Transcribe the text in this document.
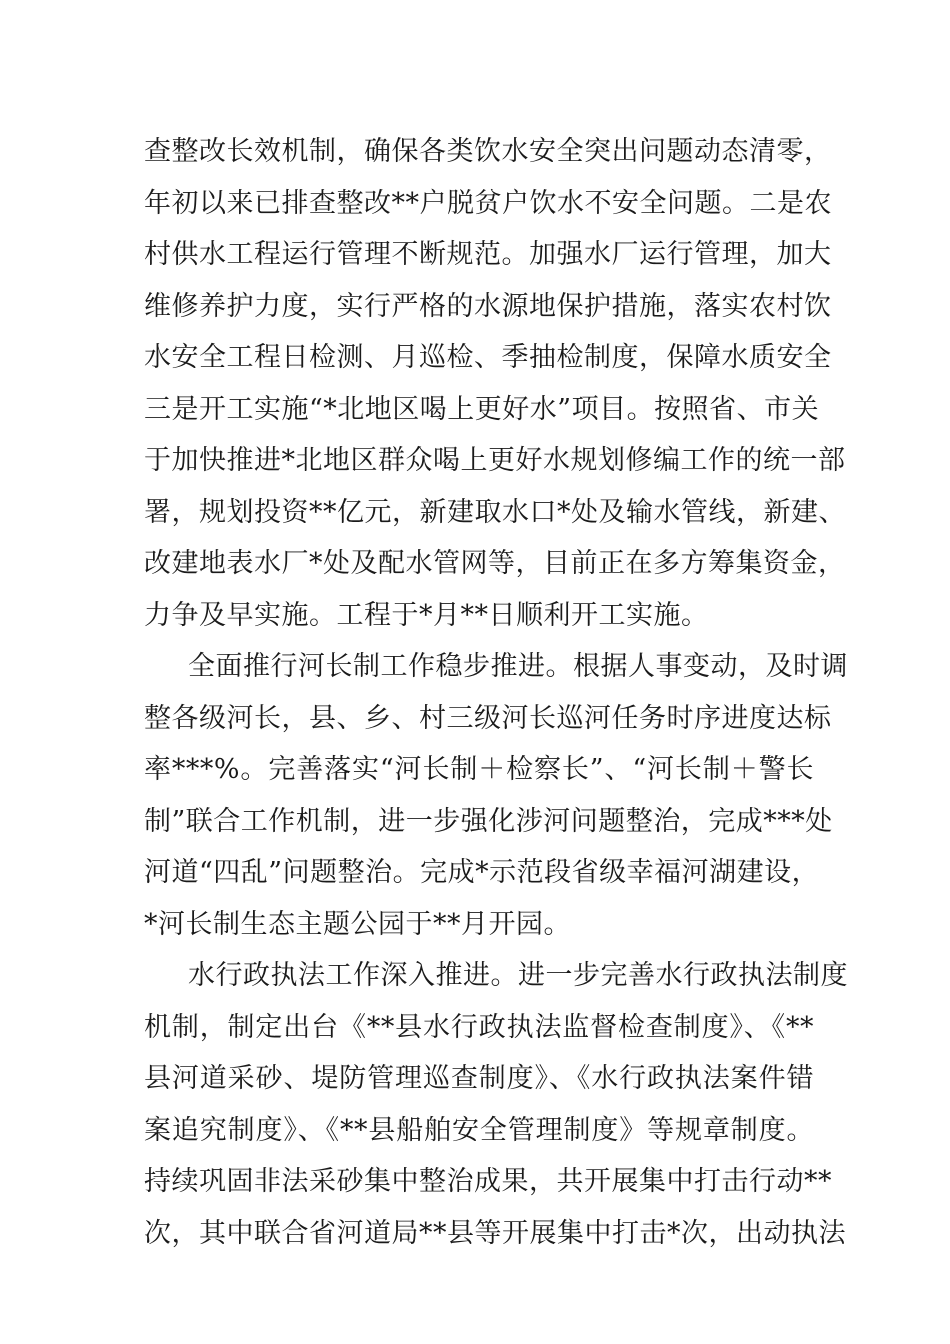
查整改长效机制，确保各类饮水安全突出问题动态清零，
年初以来已排查整改**户脱贫户饮水不安全问题。二是农
村供水工程运行管理不断规范。加强水厂运行管理，加大
维修养护力度，实行严格的水源地保护措施，落实农村饮
水安全工程日检测、月巡检、季抽检制度，保障水质安全
三是开工实施“*北地区喝上更好水”项目。按照省、市关
于加快推进*北地区群众喝上更好水规划修编工作的统一部
署，规划投资**亿元，新建取水口*处及输水管线，新建、
改建地表水厂*处及配水管网等，目前正在多方筹集资金，
力争及早实施。工程于*月**日顺利开工实施。
全面推行河长制工作稳步推进。根据人事变动，及时调
整各级河长，县、乡、村三级河长巡河任务时序进度达标
率***%。完善落实“河长制＋检察长”、“河长制＋警长
制”联合工作机制，进一步强化涉河问题整治，完成***处
河道“四乱”问题整治。完成*示范段省级幸福河湖建设，
*河长制生态主题公园于**月开园。
水行政执法工作深入推进。进一步完善水行政执法制度
机制，制定出台《**县水行政执法监督检查制度》、《**
县河道采砂、堤防管理巡查制度》、《水行政执法案件错
案追究制度》、《**县船舶安全管理制度》等规章制度。
持续巩固非法采砂集中整治成果，共开展集中打击行动**
次，其中联合省河道局**县等开展集中打击*次，出动执法
